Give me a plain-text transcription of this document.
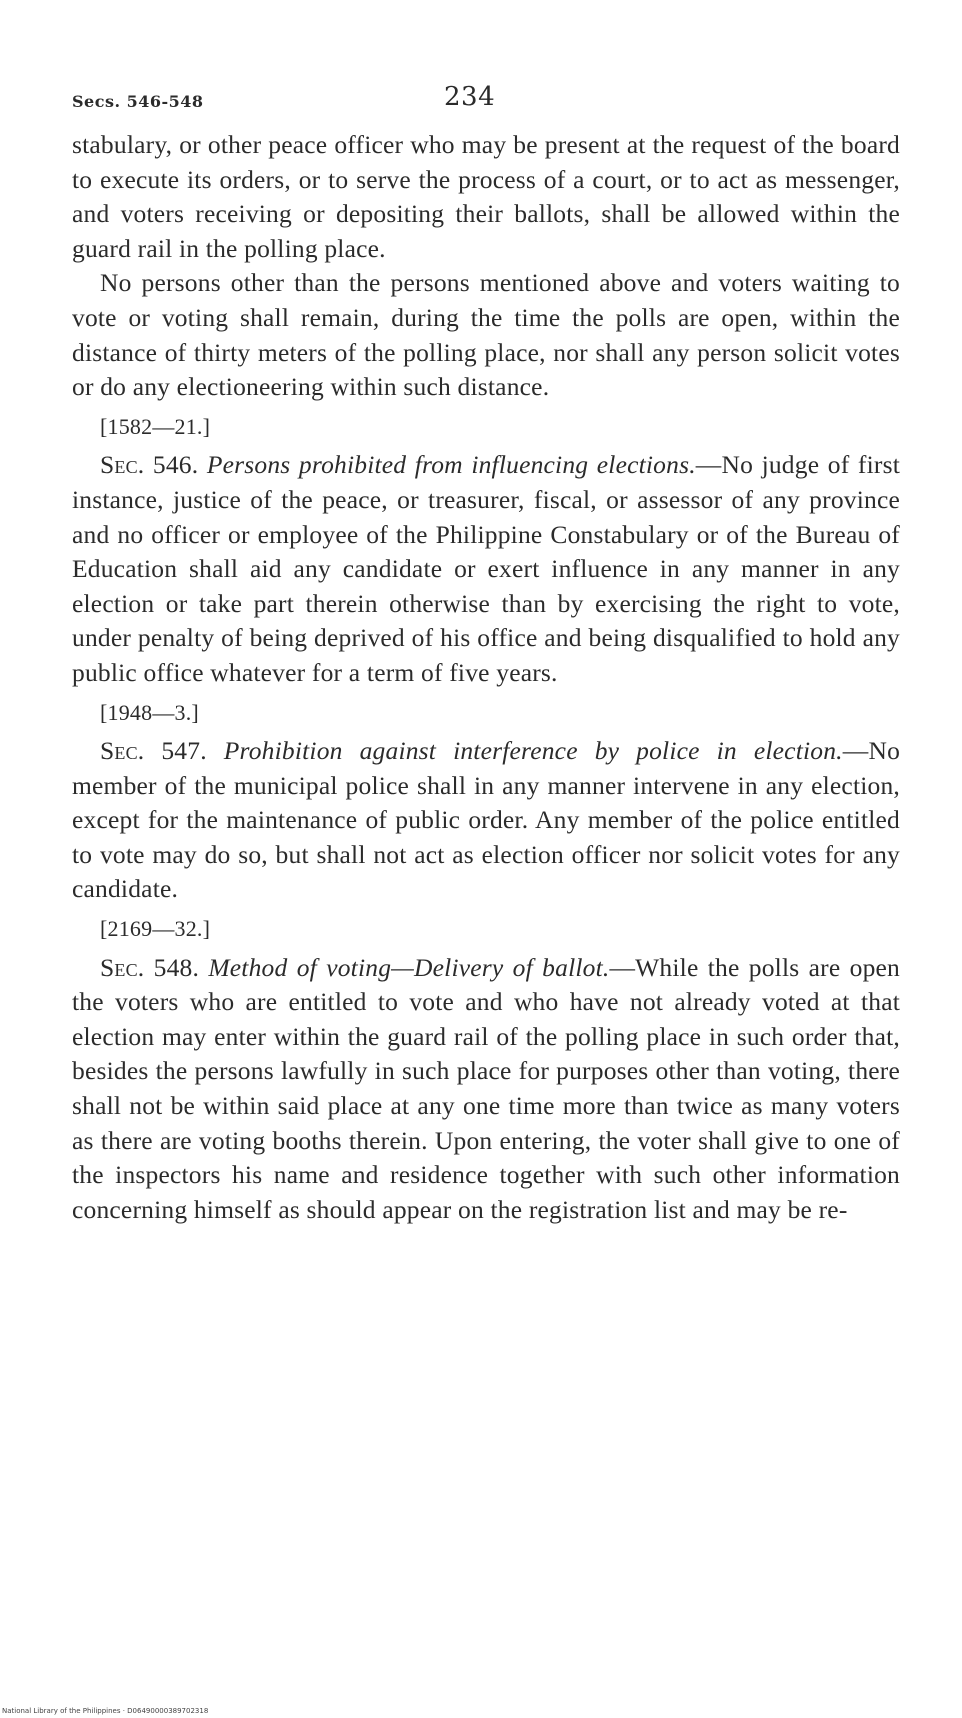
Secs. 546-548	234

stabulary, or other peace officer who may be present at the request of the board to execute its orders, or to serve the process of a court, or to act as messenger, and voters receiving or depositing their ballots, shall be allowed within the guard rail in the polling place.

No persons other than the persons mentioned above and voters waiting to vote or voting shall remain, during the time the polls are open, within the distance of thirty meters of the polling place, nor shall any person solicit votes or do any electioneering within such distance.

[1582—21.]

Sec. 546. Persons prohibited from influencing elections.—No judge of first instance, justice of the peace, or treasurer, fiscal, or assessor of any province and no officer or employee of the Philippine Constabulary or of the Bureau of Education shall aid any candidate or exert influence in any manner in any election or take part therein otherwise than by exercising the right to vote, under penalty of being deprived of his office and being disqualified to hold any public office whatever for a term of five years.

[1948—3.]

Sec. 547. Prohibition against interference by police in election.—No member of the municipal police shall in any manner intervene in any election, except for the maintenance of public order. Any member of the police entitled to vote may do so, but shall not act as election officer nor solicit votes for any candidate.

[2169—32.]

Sec. 548. Method of voting—Delivery of ballot.—While the polls are open the voters who are entitled to vote and who have not already voted at that election may enter within the guard rail of the polling place in such order that, besides the persons lawfully in such place for purposes other than voting, there shall not be within said place at any one time more than twice as many voters as there are voting booths therein. Upon entering, the voter shall give to one of the inspectors his name and residence together with such other information concerning himself as should appear on the registration list and may be re-

National Library of the Philippines · D06490000389702318
